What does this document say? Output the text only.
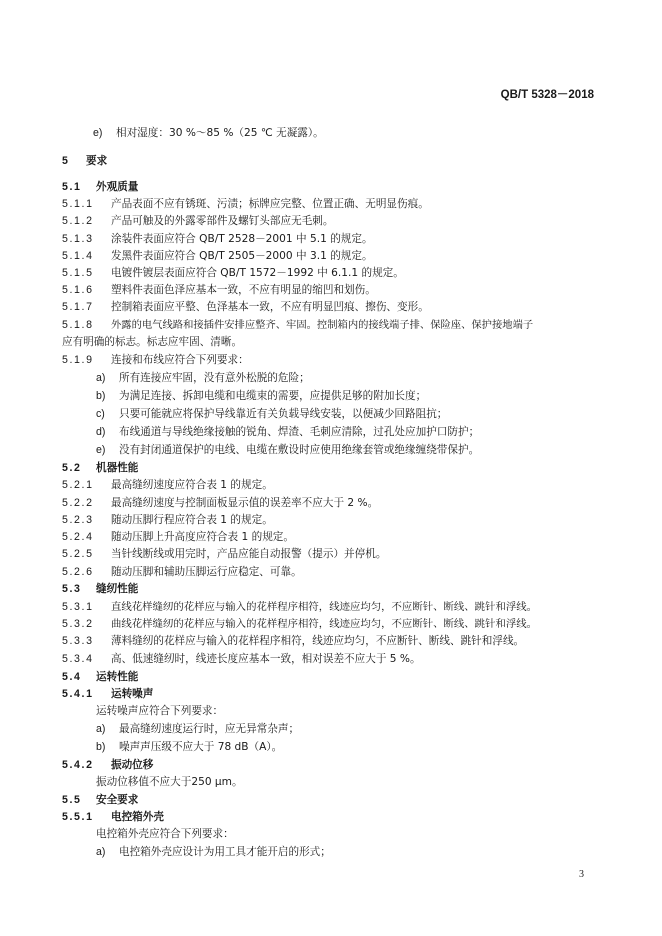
QB/T 5328－2018
e) 相对湿度：30 %～85 %（25 ℃ 无凝露）。
5 要求
5.1 外观质量
5.1.1 产品表面不应有锈斑、污渍；标牌应完整、位置正确、无明显伤痕。
5.1.2 产品可触及的外露零部件及螺钉头部应无毛刺。
5.1.3 涂装件表面应符合 QB/T 2528－2001 中 5.1 的规定。
5.1.4 发黑件表面应符合 QB/T 2505－2000 中 3.1 的规定。
5.1.5 电镀件镀层表面应符合 QB/T 1572－1992 中 6.1.1 的规定。
5.1.6 塑料件表面色泽应基本一致，不应有明显的缩凹和划伤。
5.1.7 控制箱表面应平整、色泽基本一致，不应有明显凹痕、擦伤、变形。
5.1.8 外露的电气线路和接插件安排应整齐、牢固。控制箱内的接线端子排、保险座、保护接地端子
应有明确的标志。标志应牢固、清晰。
5.1.9 连接和布线应符合下列要求：
a) 所有连接应牢固，没有意外松脱的危险；
b) 为满足连接、拆卸电缆和电缆束的需要，应提供足够的附加长度；
c) 只要可能就应将保护导线靠近有关负载导线安装，以便减少回路阻抗；
d) 布线通道与导线绝缘接触的锐角、焊渣、毛刺应清除，过孔处应加护口防护；
e) 没有封闭通道保护的电线、电缆在敷设时应使用绝缘套管或绝缘缠绕带保护。
5.2 机器性能
5.2.1 最高缝纫速度应符合表 1 的规定。
5.2.2 最高缝纫速度与控制面板显示值的误差率不应大于 2 %。
5.2.3 随动压脚行程应符合表 1 的规定。
5.2.4 随动压脚上升高度应符合表 1 的规定。
5.2.5 当针线断线或用完时，产品应能自动报警（提示）并停机。
5.2.6 随动压脚和辅助压脚运行应稳定、可靠。
5.3 缝纫性能
5.3.1 直线花样缝纫的花样应与输入的花样程序相符，线迹应均匀，不应断针、断线、跳针和浮线。
5.3.2 曲线花样缝纫的花样应与输入的花样程序相符，线迹应均匀，不应断针、断线、跳针和浮线。
5.3.3 薄料缝纫的花样应与输入的花样程序相符，线迹应均匀，不应断针、断线、跳针和浮线。
5.3.4 高、低速缝纫时，线迹长度应基本一致，相对误差不应大于 5 %。
5.4 运转性能
5.4.1 运转噪声
运转噪声应符合下列要求：
a) 最高缝纫速度运行时，应无异常杂声；
b) 噪声声压级不应大于 78 dB（A）。
5.4.2 振动位移
振动位移值不应大于250 μm。
5.5 安全要求
5.5.1 电控箱外壳
电控箱外壳应符合下列要求：
a) 电控箱外壳应设计为用工具才能开启的形式；
3
